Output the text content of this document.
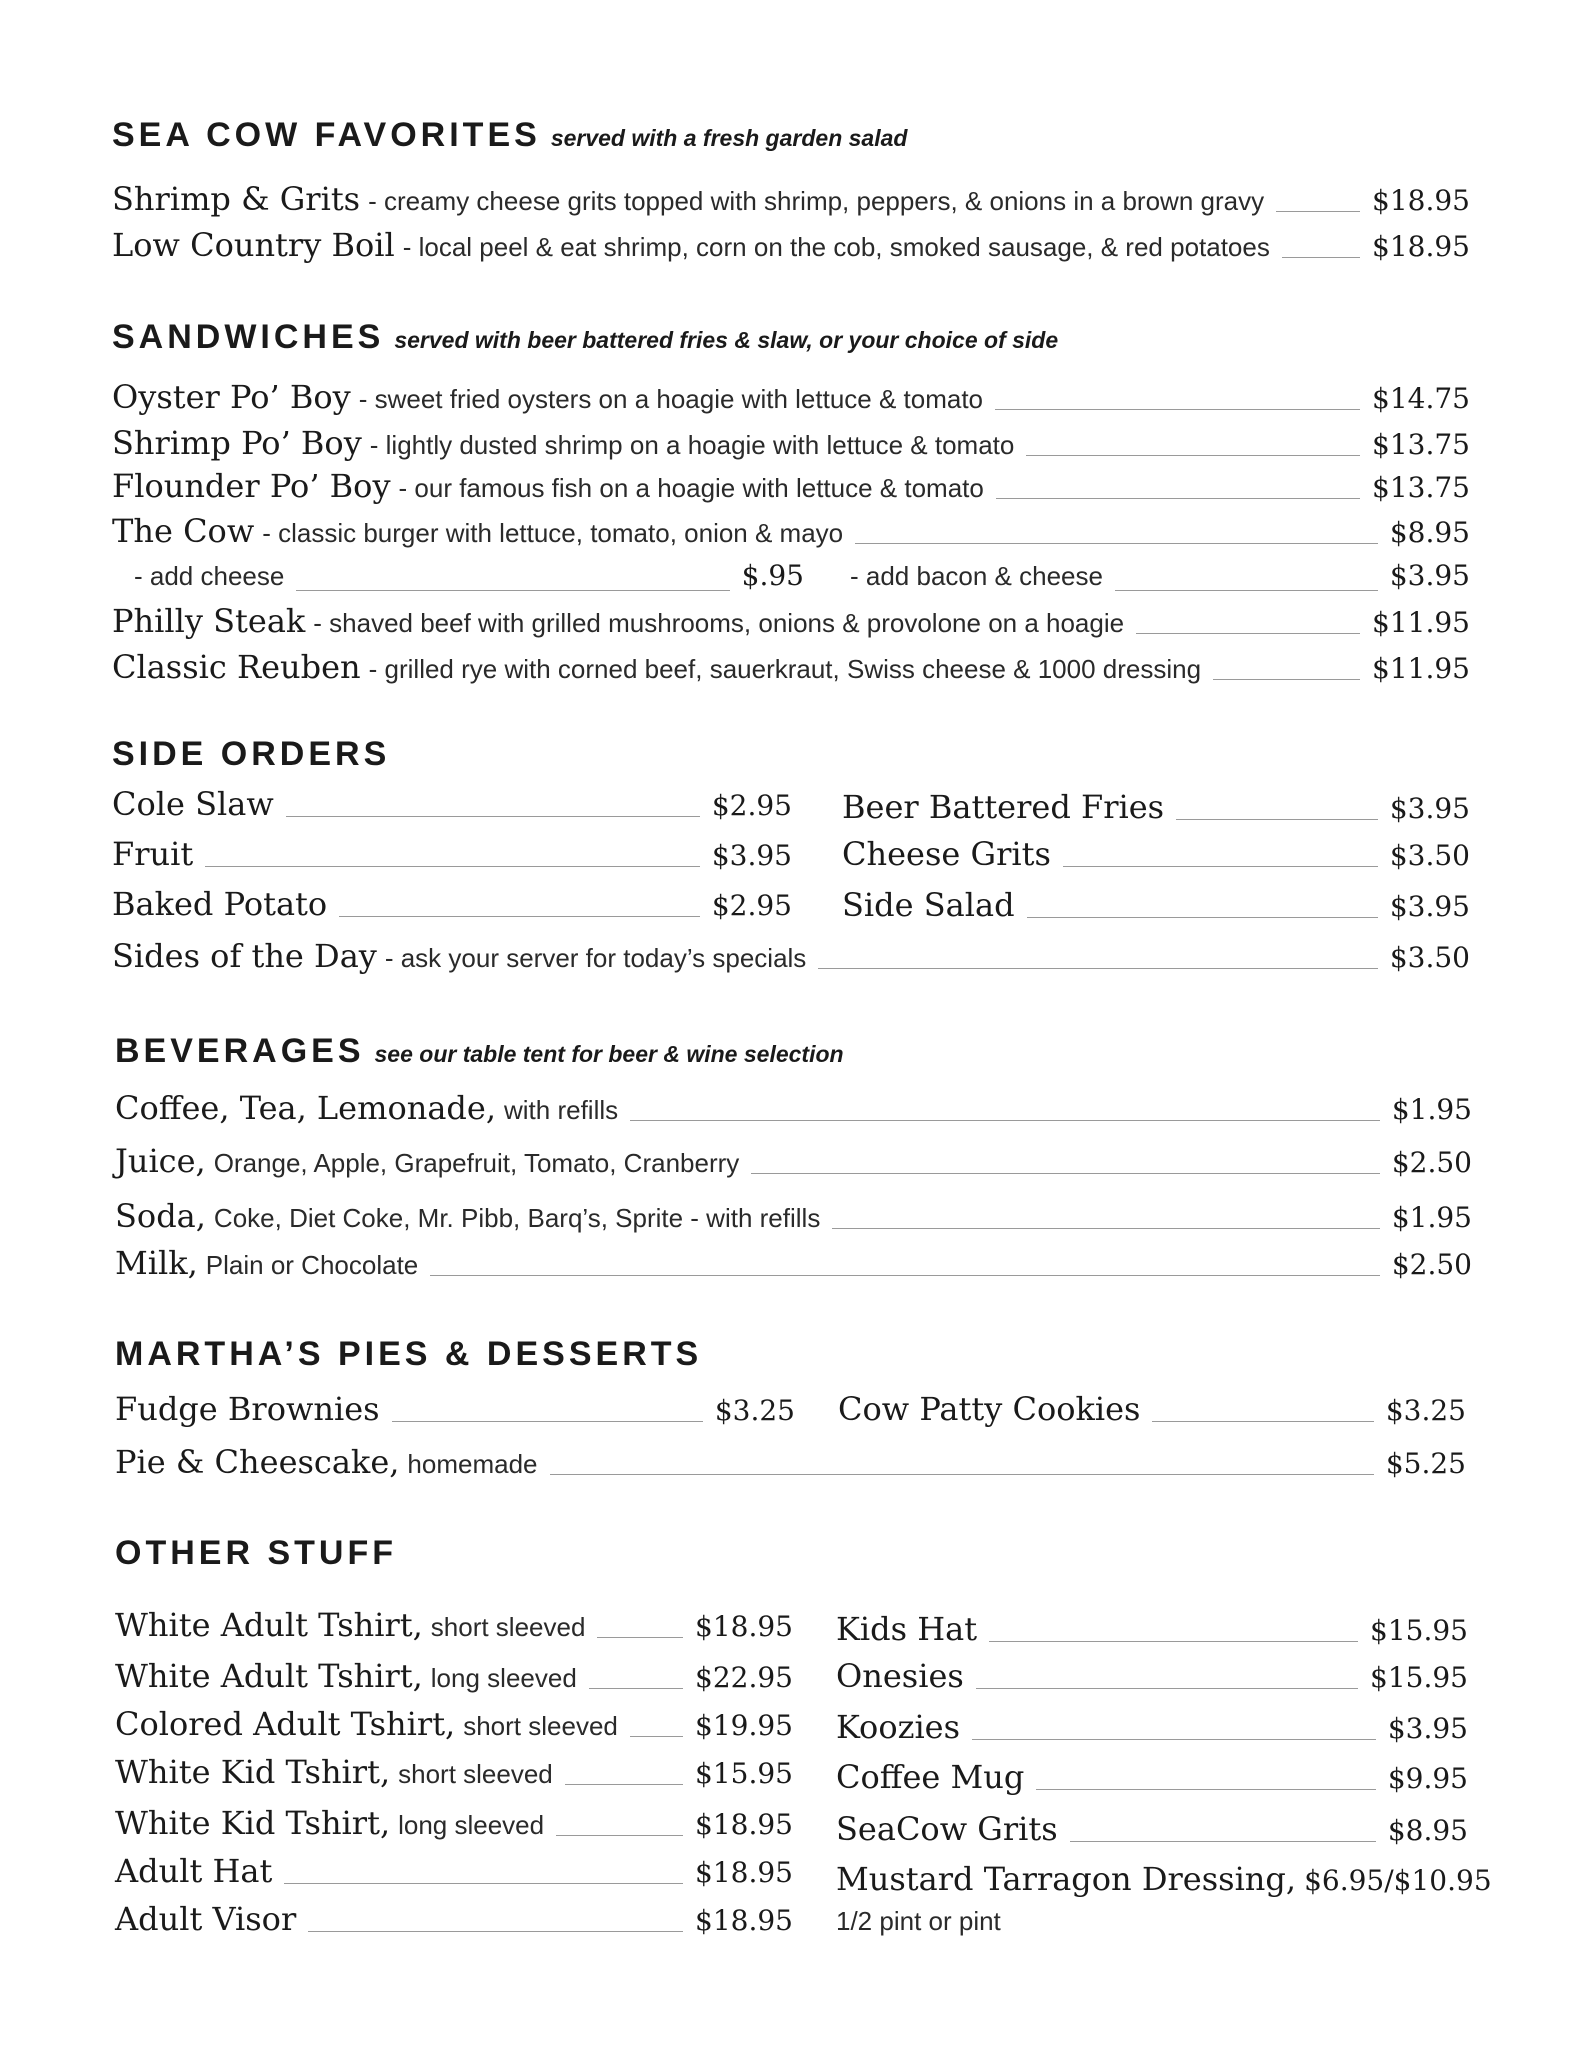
SEA COW FAVORITES served with a fresh garden salad
Shrimp & Grits - creamy cheese grits topped with shrimp, peppers, & onions in a brown gravy	$18.95
Low Country Boil - local peel & eat shrimp, corn on the cob, smoked sausage, & red potatoes	$18.95
SANDWICHES served with beer battered fries & slaw, or your choice of side
Oyster Po’ Boy - sweet fried oysters on a hoagie with lettuce & tomato	$14.75
Shrimp Po’ Boy - lightly dusted shrimp on a hoagie with lettuce & tomato	$13.75
Flounder Po’ Boy - our famous fish on a hoagie with lettuce & tomato	$13.75
The Cow - classic burger with lettuce, tomato, onion & mayo	$8.95
- add cheese	$.95 - add bacon & cheese	$3.95
Philly Steak - shaved beef with grilled mushrooms, onions & provolone on a hoagie	$11.95
Classic Reuben - grilled rye with corned beef, sauerkraut, Swiss cheese & 1000 dressing	$11.95
SIDE ORDERS
Cole Slaw	$2.95
Fruit	$3.95
Baked Potato	$2.95
Beer Battered Fries	$3.95
Cheese Grits	$3.50
Side Salad	$3.95
Sides of the Day - ask your server for today’s specials	$3.50
BEVERAGES see our table tent for beer & wine selection
Coffee, Tea, Lemonade, with refills	$1.95
Juice, Orange, Apple, Grapefruit, Tomato, Cranberry	$2.50
Soda, Coke, Diet Coke, Mr. Pibb, Barq’s, Sprite - with refills	$1.95
Milk, Plain or Chocolate	$2.50
MARTHA’S PIES & DESSERTS
Fudge Brownies	$3.25 Cow Patty Cookies	$3.25
Pie & Cheescake, homemade	$5.25
OTHER STUFF
White Adult Tshirt, short sleeved	$18.95
White Adult Tshirt, long sleeved	$22.95
Colored Adult Tshirt, short sleeved	$19.95
White Kid Tshirt, short sleeved	$15.95
White Kid Tshirt, long sleeved	$18.95
Adult Hat	$18.95
Adult Visor	$18.95
Kids Hat	$15.95
Onesies	$15.95
Koozies	$3.95
Coffee Mug	$9.95
SeaCow Grits	$8.95
Mustard Tarragon Dressing, $6.95/$10.95
1/2 pint or pint
